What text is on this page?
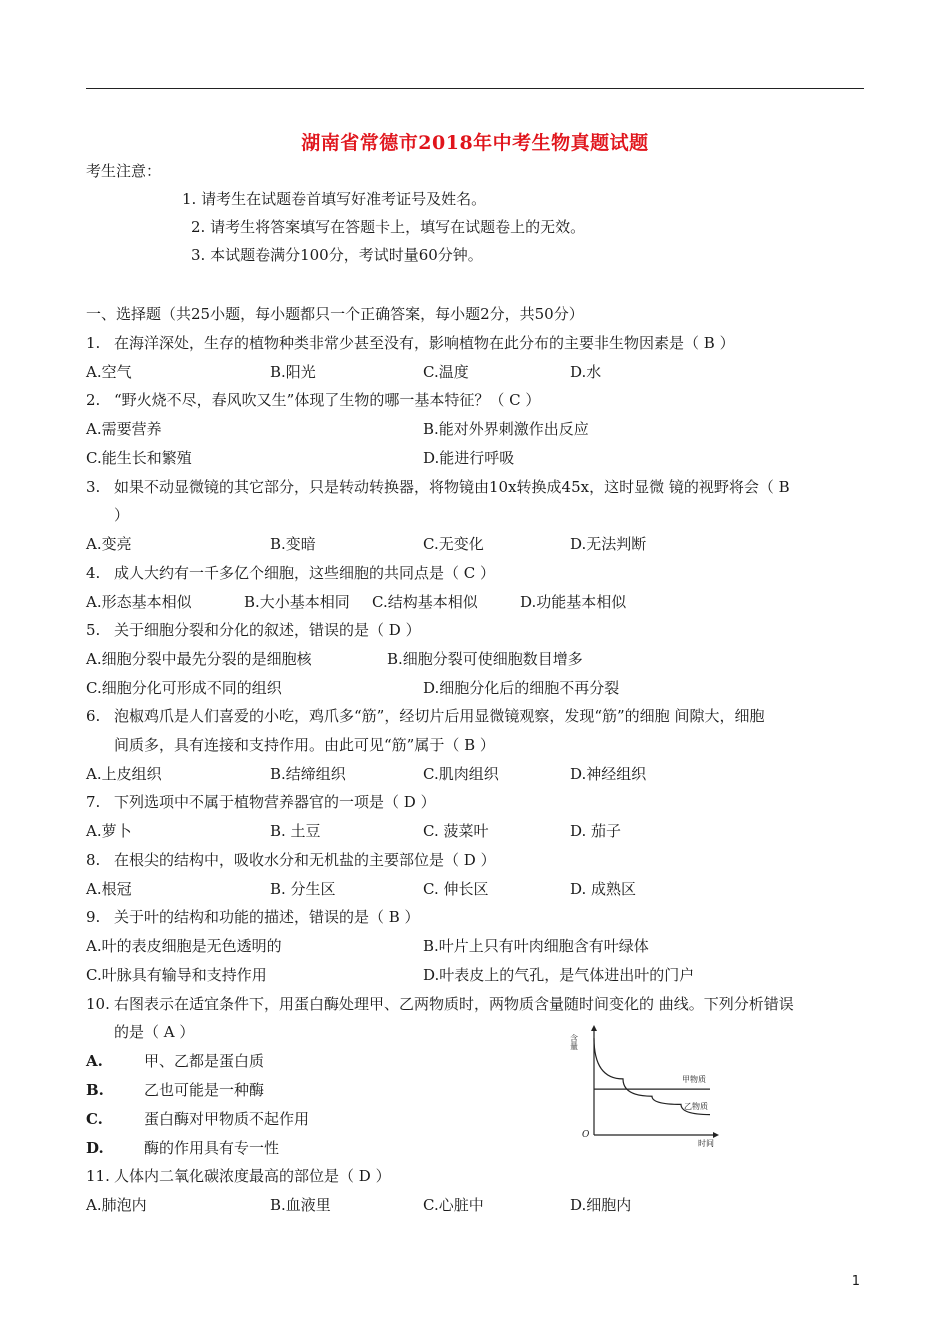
湖南省常德市2018年中考生物真题试题
考生注意：
1. 请考生在试题卷首填写好准考证号及姓名。
2. 请考生将答案填写在答题卡上，填写在试题卷上的无效。
3. 本试题卷满分100分，考试时量60分钟。
一、选择题（共25小题，每小题都只一个正确答案，每小题2分，共50分）
1. 在海洋深处，生存的植物种类非常少甚至没有，影响植物在此分布的主要非生物因素是（ B ）
A.空气	B.阳光	C.温度	D.水
2. “野火烧不尽，春风吹又生”体现了生物的哪一基本特征？（ C ）
A.需要营养	B.能对外界刺激作出反应
C.能生长和繁殖	D.能进行呼吸
3. 如果不动显微镜的其它部分，只是转动转换器，将物镜由10x转换成45x，这时显微 镜的视野将会（ B
）
A.变亮	B.变暗	C.无变化	D.无法判断
4. 成人大约有一千多亿个细胞，这些细胞的共同点是（ C ）
A.形态基本相似	B.大小基本相同 C.结构基本相似	D.功能基本相似
5. 关于细胞分裂和分化的叙述，错误的是（ D ）
A.细胞分裂中最先分裂的是细胞核	B.细胞分裂可使细胞数目增多
C.细胞分化可形成不同的组织	D.细胞分化后的细胞不再分裂
6. 泡椒鸡爪是人们喜爱的小吃，鸡爪多“筋”，经切片后用显微镜观察，发现“筋”的细胞 间隙大，细胞
间质多，具有连接和支持作用。由此可见“筋”属于（ B ）
A.上皮组织	B.结缔组织	C.肌肉组织	D.神经组织
7. 下列选项中不属于植物营养器官的一项是（ D ）
A.萝卜	B. 土豆	C. 菠菜叶	D. 茄子
8. 在根尖的结构中，吸收水分和无机盐的主要部位是（ D ）
A.根冠	B. 分生区	C. 伸长区	D. 成熟区
9. 关于叶的结构和功能的描述，错误的是（ B ）
A.叶的表皮细胞是无色透明的	B.叶片上只有叶肉细胞含有叶绿体
C.叶脉具有输导和支持作用	D.叶表皮上的气孔，是气体进出叶的门户
10. 右图表示在适宜条件下，用蛋白酶处理甲、乙两物质时，两物质含量随时间变化的 曲线。下列分析错误
的是（ A ）
A.	甲、乙都是蛋白质
B.	乙也可能是一种酶
C.	蛋白酶对甲物质不起作用
D.	酶的作用具有专一性
含量
O
时间
甲物质
乙物质
11. 人体内二氧化碳浓度最高的部位是（ D ）
A.肺泡内	B.血液里	C.心脏中	D.细胞内
1
